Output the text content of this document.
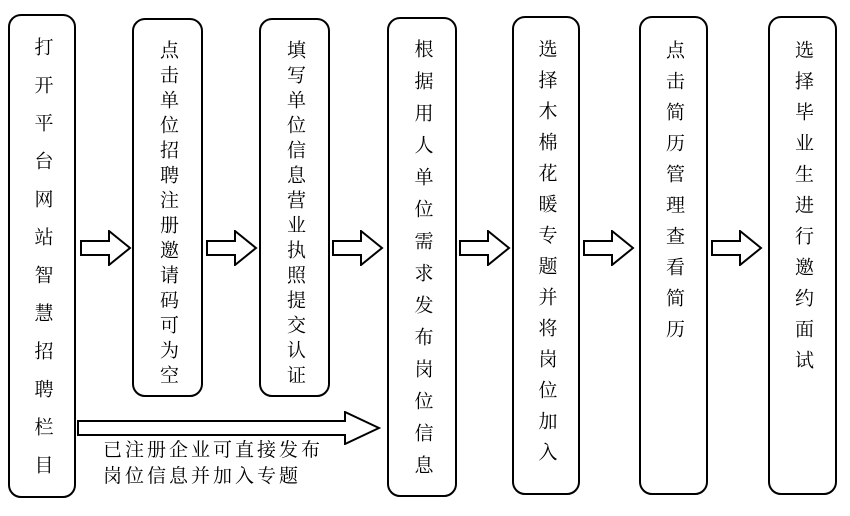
打开平台网站智慧招聘栏目	点击单位招聘注册邀请码可为空	填写单位信息营业执照提交认证	根据用人单位需求发布岗位信息	选择木棉花暖专题并将岗位加入	点击简历管理查看简历	选择毕业生进行邀约面试
已注册企业可直接发布
岗位信息并加入专题
